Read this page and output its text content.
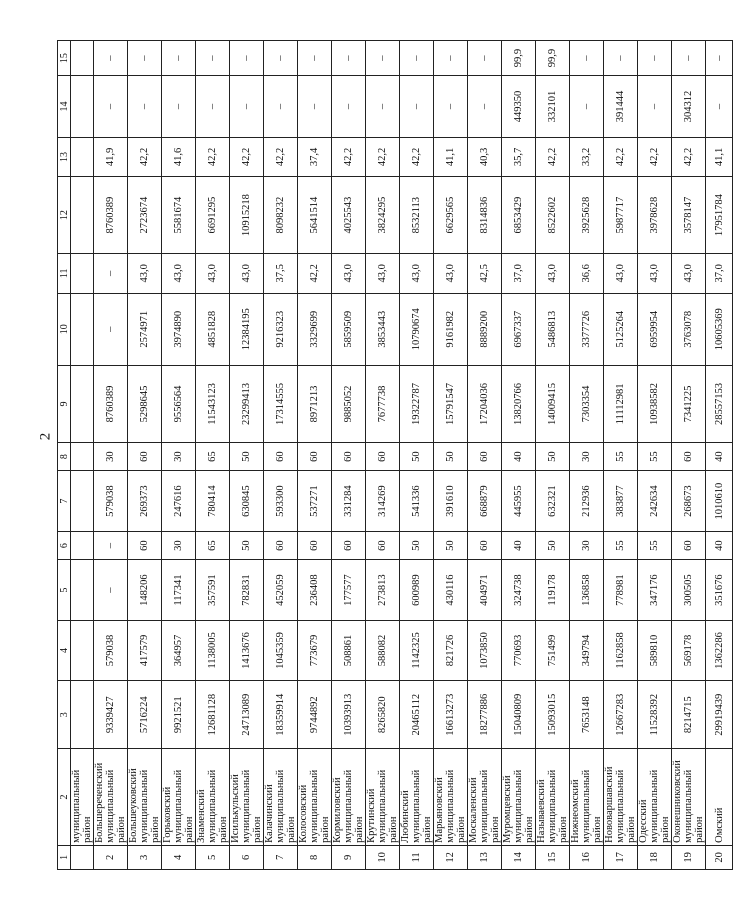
2
1	2	3	4	5	6	7	8	9	10	11	12	13	14	15
	муниципальный район													
2	Большереченский муниципальный район	9339427	579038	–	–	579038	30	8760389	–	–	8760389	41,9	–	–
3	Большеуковский муниципальный район	5716224	417579	148206	60	269373	60	5298645	2574971	43,0	2723674	42,2	–	–
4	Горьковский муниципальный район	9921521	364957	117341	30	247616	30	9556564	3974890	43,0	5581674	41,6	–	–
5	Знаменский муниципальный район	12681128	1138005	357591	65	780414	65	11543123	4851828	43,0	6691295	42,2	–	–
6	Исилькульский муниципальный район	24713089	1413676	782831	50	630845	50	23299413	12384195	43,0	10915218	42,2	–	–
7	Калачинский муниципальный район	18359914	1045359	452059	60	593300	60	17314555	9216323	37,5	8098232	42,2	–	–
8	Колосовский муниципальный район	9744892	773679	236408	60	537271	60	8971213	3329699	42,2	5641514	37,4	–	–
9	Кормиловский муниципальный район	10393913	508861	177577	60	331284	60	9885052	5859509	43,0	4025543	42,2	–	–
10	Крутинский муниципальный район	8265820	588082	273813	60	314269	60	7677738	3853443	43,0	3824295	42,2	–	–
11	Любинский муниципальный район	20465112	1142325	600989	50	541336	50	19322787	10790674	43,0	8532113	42,2	–	–
12	Марьяновский муниципальный район	16613273	821726	430116	50	391610	50	15791547	9161982	43,0	6629565	41,1	–	–
13	Москаленский муниципальный район	18277886	1073850	404971	60	668879	60	17204036	8889200	42,5	8314836	40,3	–	–
14	Муромцевский муниципальный район	15040809	770693	324738	40	445955	40	13820766	6967337	37,0	6853429	35,7	449350	99,9
15	Называевский муниципальный район	15093015	751499	119178	50	632321	50	14009415	5486813	43,0	8522602	42,2	332101	99,9
16	Нижнеомский муниципальный район	7653148	349794	136858	30	212936	30	7303354	3377726	36,6	3925628	33,2	–	–
17	Нововаршавский муниципальный район	12667283	1162858	778981	55	383877	55	11112981	5125264	43,0	5987717	42,2	391444	–
18	Одесский муниципальный район	11528392	589810	347176	55	242634	55	10938582	6959954	43,0	3978628	42,2	–	–
19	Оконешниковский муниципальный район	8214715	569178	300505	60	268673	60	7341225	3763078	43,0	3578147	42,2	304312	–
20	Омский	29919439	1362286	351676	40	1010610	40	28557153	10605369	37,0	17951784	41,1	–	–
